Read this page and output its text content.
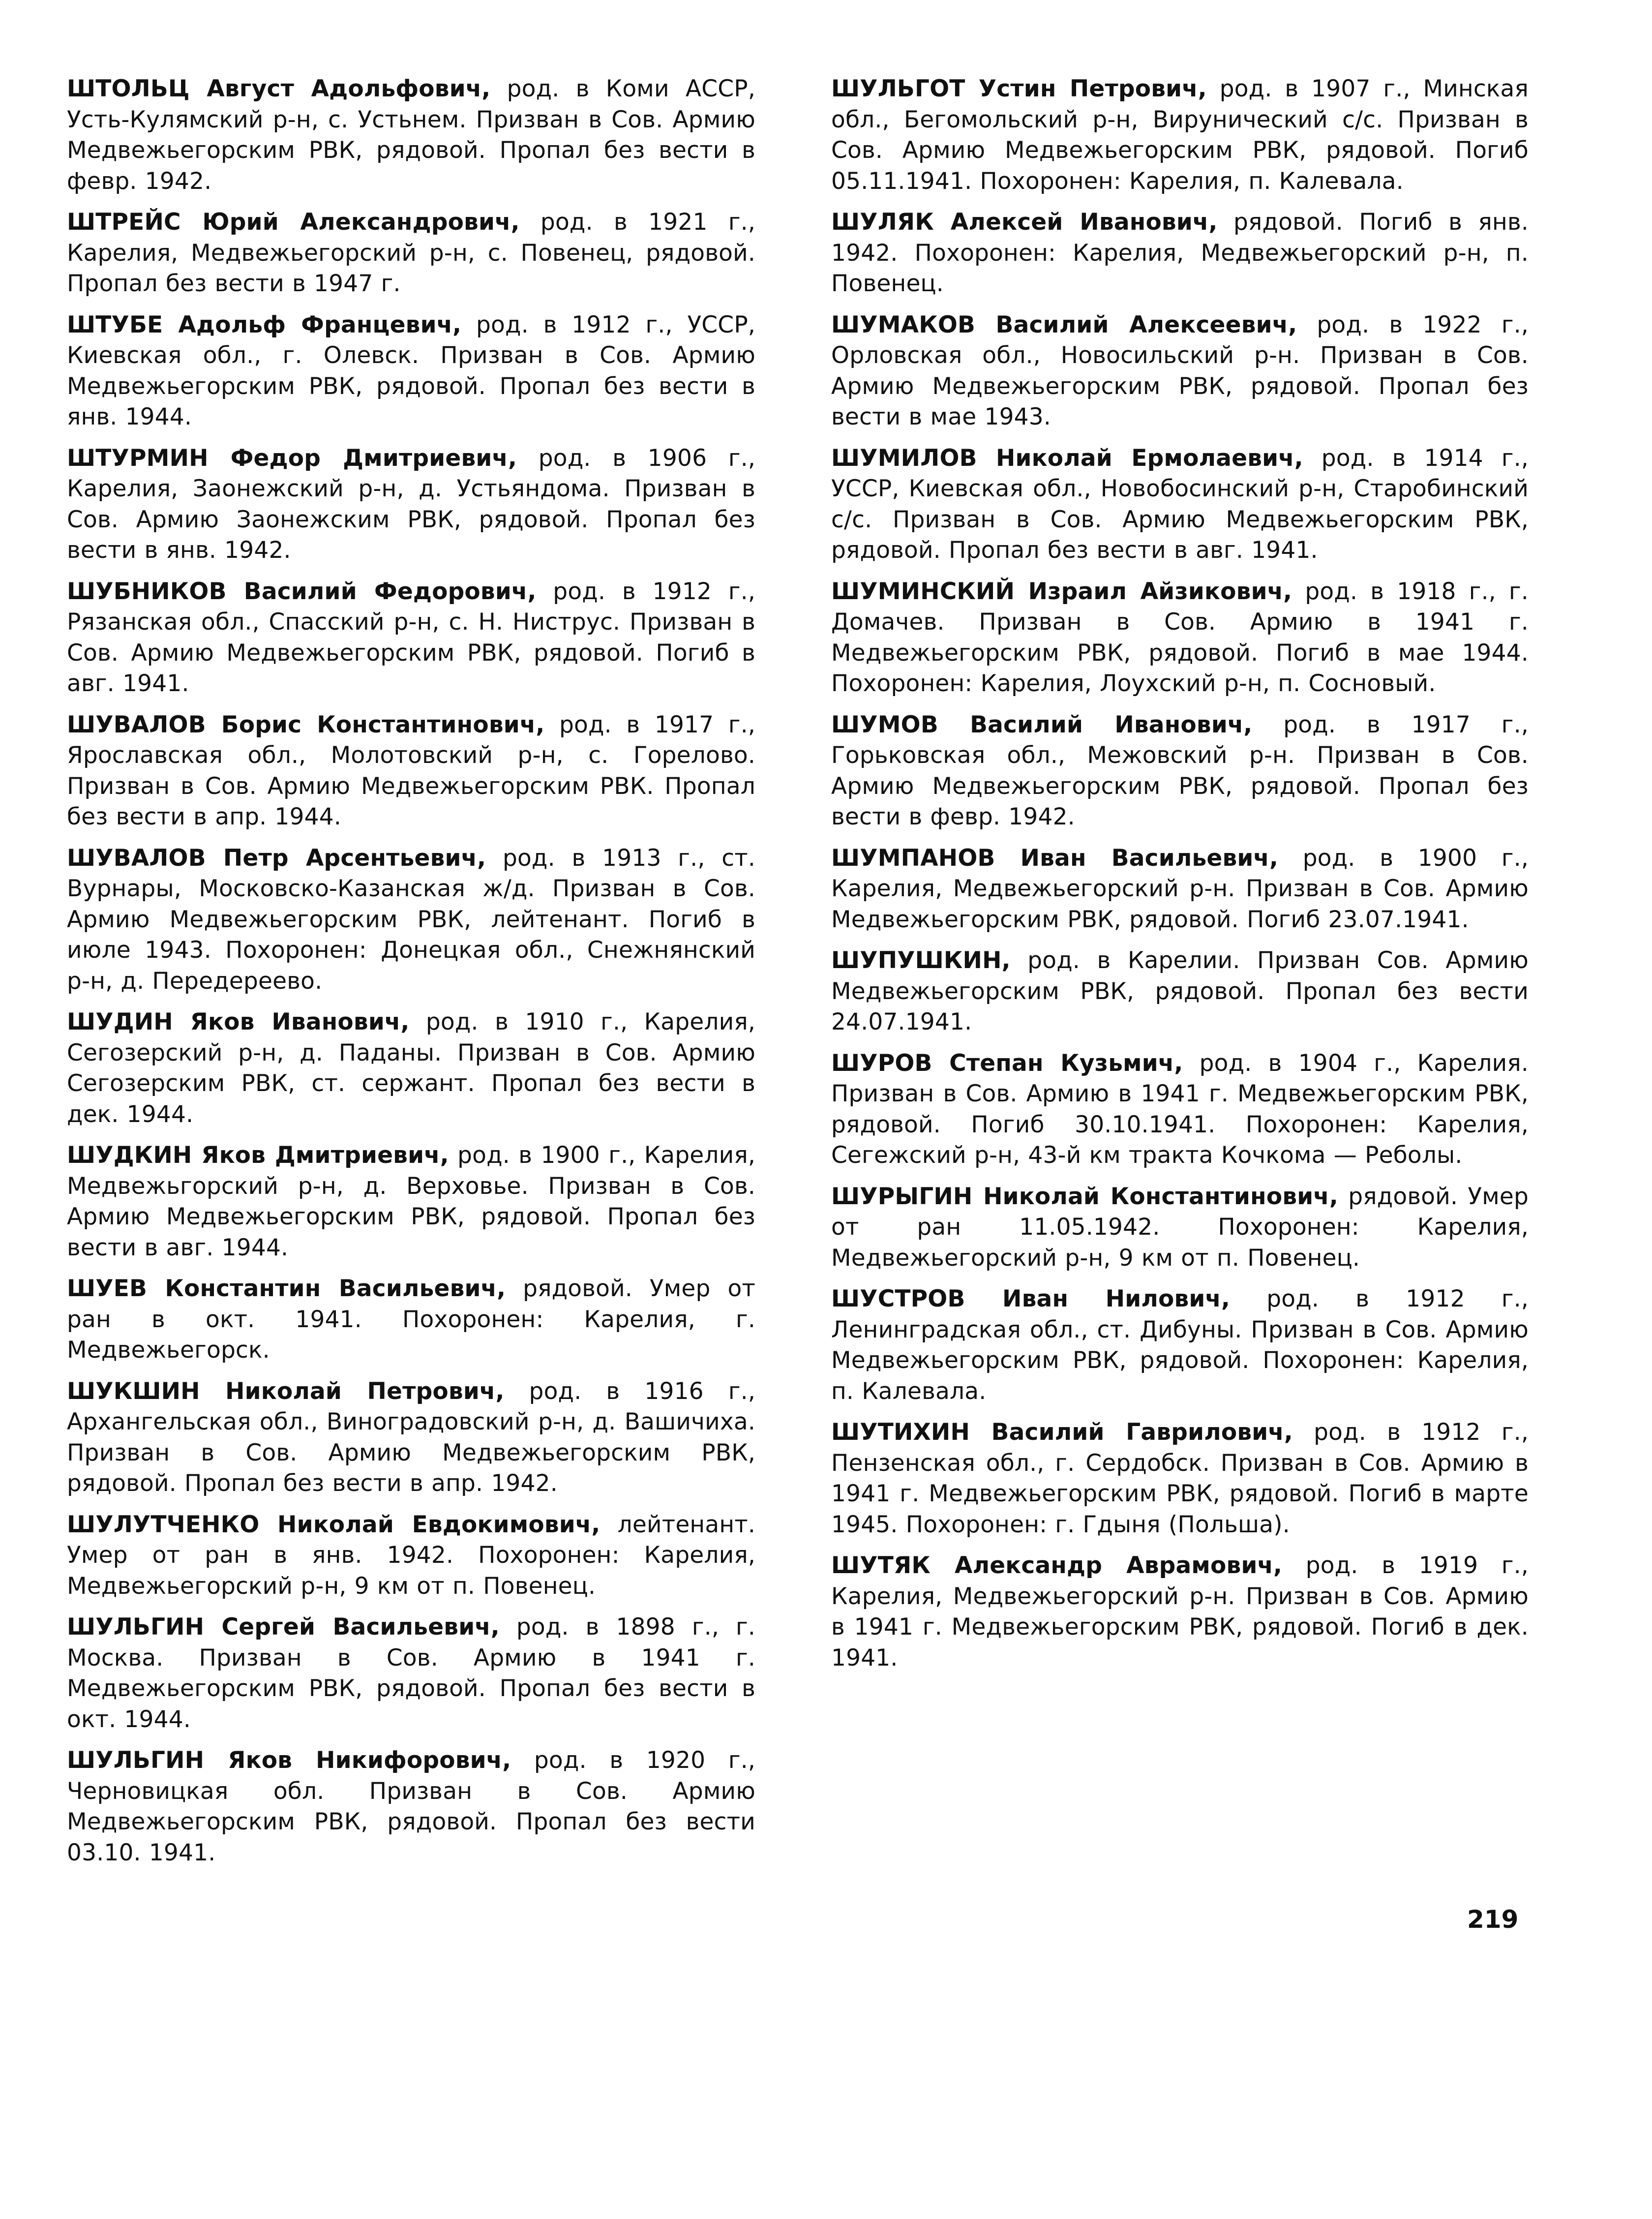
ШТОЛЬЦ Август Адольфович, род. в Коми АССР, Усть-Кулямский р-н, с. Устьнем. Призван в Сов. Армию Медвежьегорским РВК, рядовой. Пропал без вести в февр. 1942.

ШТРЕЙС Юрий Александрович, род. в 1921 г., Карелия, Медвежьегорский р-н, с. Повенец, рядовой. Пропал без вести в 1947 г.

ШТУБЕ Адольф Францевич, род. в 1912 г., УССР, Киевская обл., г. Олевск. Призван в Сов. Армию Медвежьегорским РВК, рядовой. Пропал без вести в янв. 1944.

ШТУРМИН Федор Дмитриевич, род. в 1906 г., Карелия, Заонежский р-н, д. Устьяндома. Призван в Сов. Армию Заонежским РВК, рядовой. Пропал без вести в янв. 1942.

ШУБНИКОВ Василий Федорович, род. в 1912 г., Рязанская обл., Спасский р-н, с. Н. Ниструс. Призван в Сов. Армию Медвежьегорским РВК, рядовой. Погиб в авг. 1941.

ШУВАЛОВ Борис Константинович, род. в 1917 г., Ярославская обл., Молотовский р-н, с. Горелово. Призван в Сов. Армию Медвежьегорским РВК. Пропал без вести в апр. 1944.

ШУВАЛОВ Петр Арсентьевич, род. в 1913 г., ст. Вурнары, Московско-Казанская ж/д. Призван в Сов. Армию Медвежьегорским РВК, лейтенант. Погиб в июле 1943. Похоронен: Донецкая обл., Снежнянский р-н, д. Передереево.

ШУДИН Яков Иванович, род. в 1910 г., Карелия, Сегозерский р-н, д. Паданы. Призван в Сов. Армию Сегозерским РВК, ст. сержант. Пропал без вести в дек. 1944.

ШУДКИН Яков Дмитриевич, род. в 1900 г., Карелия, Медвежьгорский р-н, д. Верховье. Призван в Сов. Армию Медвежьегорским РВК, рядовой. Пропал без вести в авг. 1944.

ШУЕВ Константин Васильевич, рядовой. Умер от ран в окт. 1941. Похоронен: Карелия, г. Медвежьегорск.

ШУКШИН Николай Петрович, род. в 1916 г., Архангельская обл., Виноградовский р-н, д. Вашичиха. Призван в Сов. Армию Медвежьегорским РВК, рядовой. Пропал без вести в апр. 1942.

ШУЛУТЧЕНКО Николай Евдокимович, лейтенант. Умер от ран в янв. 1942. Похоронен: Карелия, Медвежьегорский р-н, 9 км от п. Повенец.

ШУЛЬГИН Сергей Васильевич, род. в 1898 г., г. Москва. Призван в Сов. Армию в 1941 г. Медвежьегорским РВК, рядовой. Пропал без вести в окт. 1944.

ШУЛЬГИН Яков Никифорович, род. в 1920 г., Черновицкая обл. Призван в Сов. Армию Медвежьегорским РВК, рядовой. Пропал без вести 03.10. 1941.

ШУЛЬГОТ Устин Петрович, род. в 1907 г., Минская обл., Бегомольский р-н, Вирунический с/с. Призван в Сов. Армию Медвежьегорским РВК, рядовой. Погиб 05.11.1941. Похоронен: Карелия, п. Калевала.

ШУЛЯК Алексей Иванович, рядовой. Погиб в янв. 1942. Похоронен: Карелия, Медвежьегорский р-н, п. Повенец.

ШУМАКОВ Василий Алексеевич, род. в 1922 г., Орловская обл., Новосильский р-н. Призван в Сов. Армию Медвежьегорским РВК, рядовой. Пропал без вести в мае 1943.

ШУМИЛОВ Николай Ермолаевич, род. в 1914 г., УССР, Киевская обл., Новобосинский р-н, Старобинский с/с. Призван в Сов. Армию Медвежьегорским РВК, рядовой. Пропал без вести в авг. 1941.

ШУМИНСКИЙ Израил Айзикович, род. в 1918 г., г. Домачев. Призван в Сов. Армию в 1941 г. Медвежьегорским РВК, рядовой. Погиб в мае 1944. Похоронен: Карелия, Лоухский р-н, п. Сосновый.

ШУМОВ Василий Иванович, род. в 1917 г., Горьковская обл., Межовский р-н. Призван в Сов. Армию Медвежьегорским РВК, рядовой. Пропал без вести в февр. 1942.

ШУМПАНОВ Иван Васильевич, род. в 1900 г., Карелия, Медвежьегорский р-н. Призван в Сов. Армию Медвежьегорским РВК, рядовой. Погиб 23.07.1941.

ШУПУШКИН, род. в Карелии. Призван Сов. Армию Медвежьегорским РВК, рядовой. Пропал без вести 24.07.1941.

ШУРОВ Степан Кузьмич, род. в 1904 г., Карелия. Призван в Сов. Армию в 1941 г. Медвежьегорским РВК, рядовой. Погиб 30.10.1941. Похоронен: Карелия, Сегежский р-н, 43-й км тракта Кочкома — Реболы.

ШУРЫГИН Николай Константинович, рядовой. Умер от ран 11.05.1942. Похоронен: Карелия, Медвежьегорский р-н, 9 км от п. Повенец.

ШУСТРОВ Иван Нилович, род. в 1912 г., Ленинградская обл., ст. Дибуны. Призван в Сов. Армию Медвежьегорским РВК, рядовой. Похоронен: Карелия, п. Калевала.

ШУТИХИН Василий Гаврилович, род. в 1912 г., Пензенская обл., г. Сердобск. Призван в Сов. Армию в 1941 г. Медвежьегорским РВК, рядовой. Погиб в марте 1945. Похоронен: г. Гдыня (Польша).

ШУТЯК Александр Аврамович, род. в 1919 г., Карелия, Медвежьегорский р-н. Призван в Сов. Армию в 1941 г. Медвежьегорским РВК, рядовой. Погиб в дек. 1941.

219
